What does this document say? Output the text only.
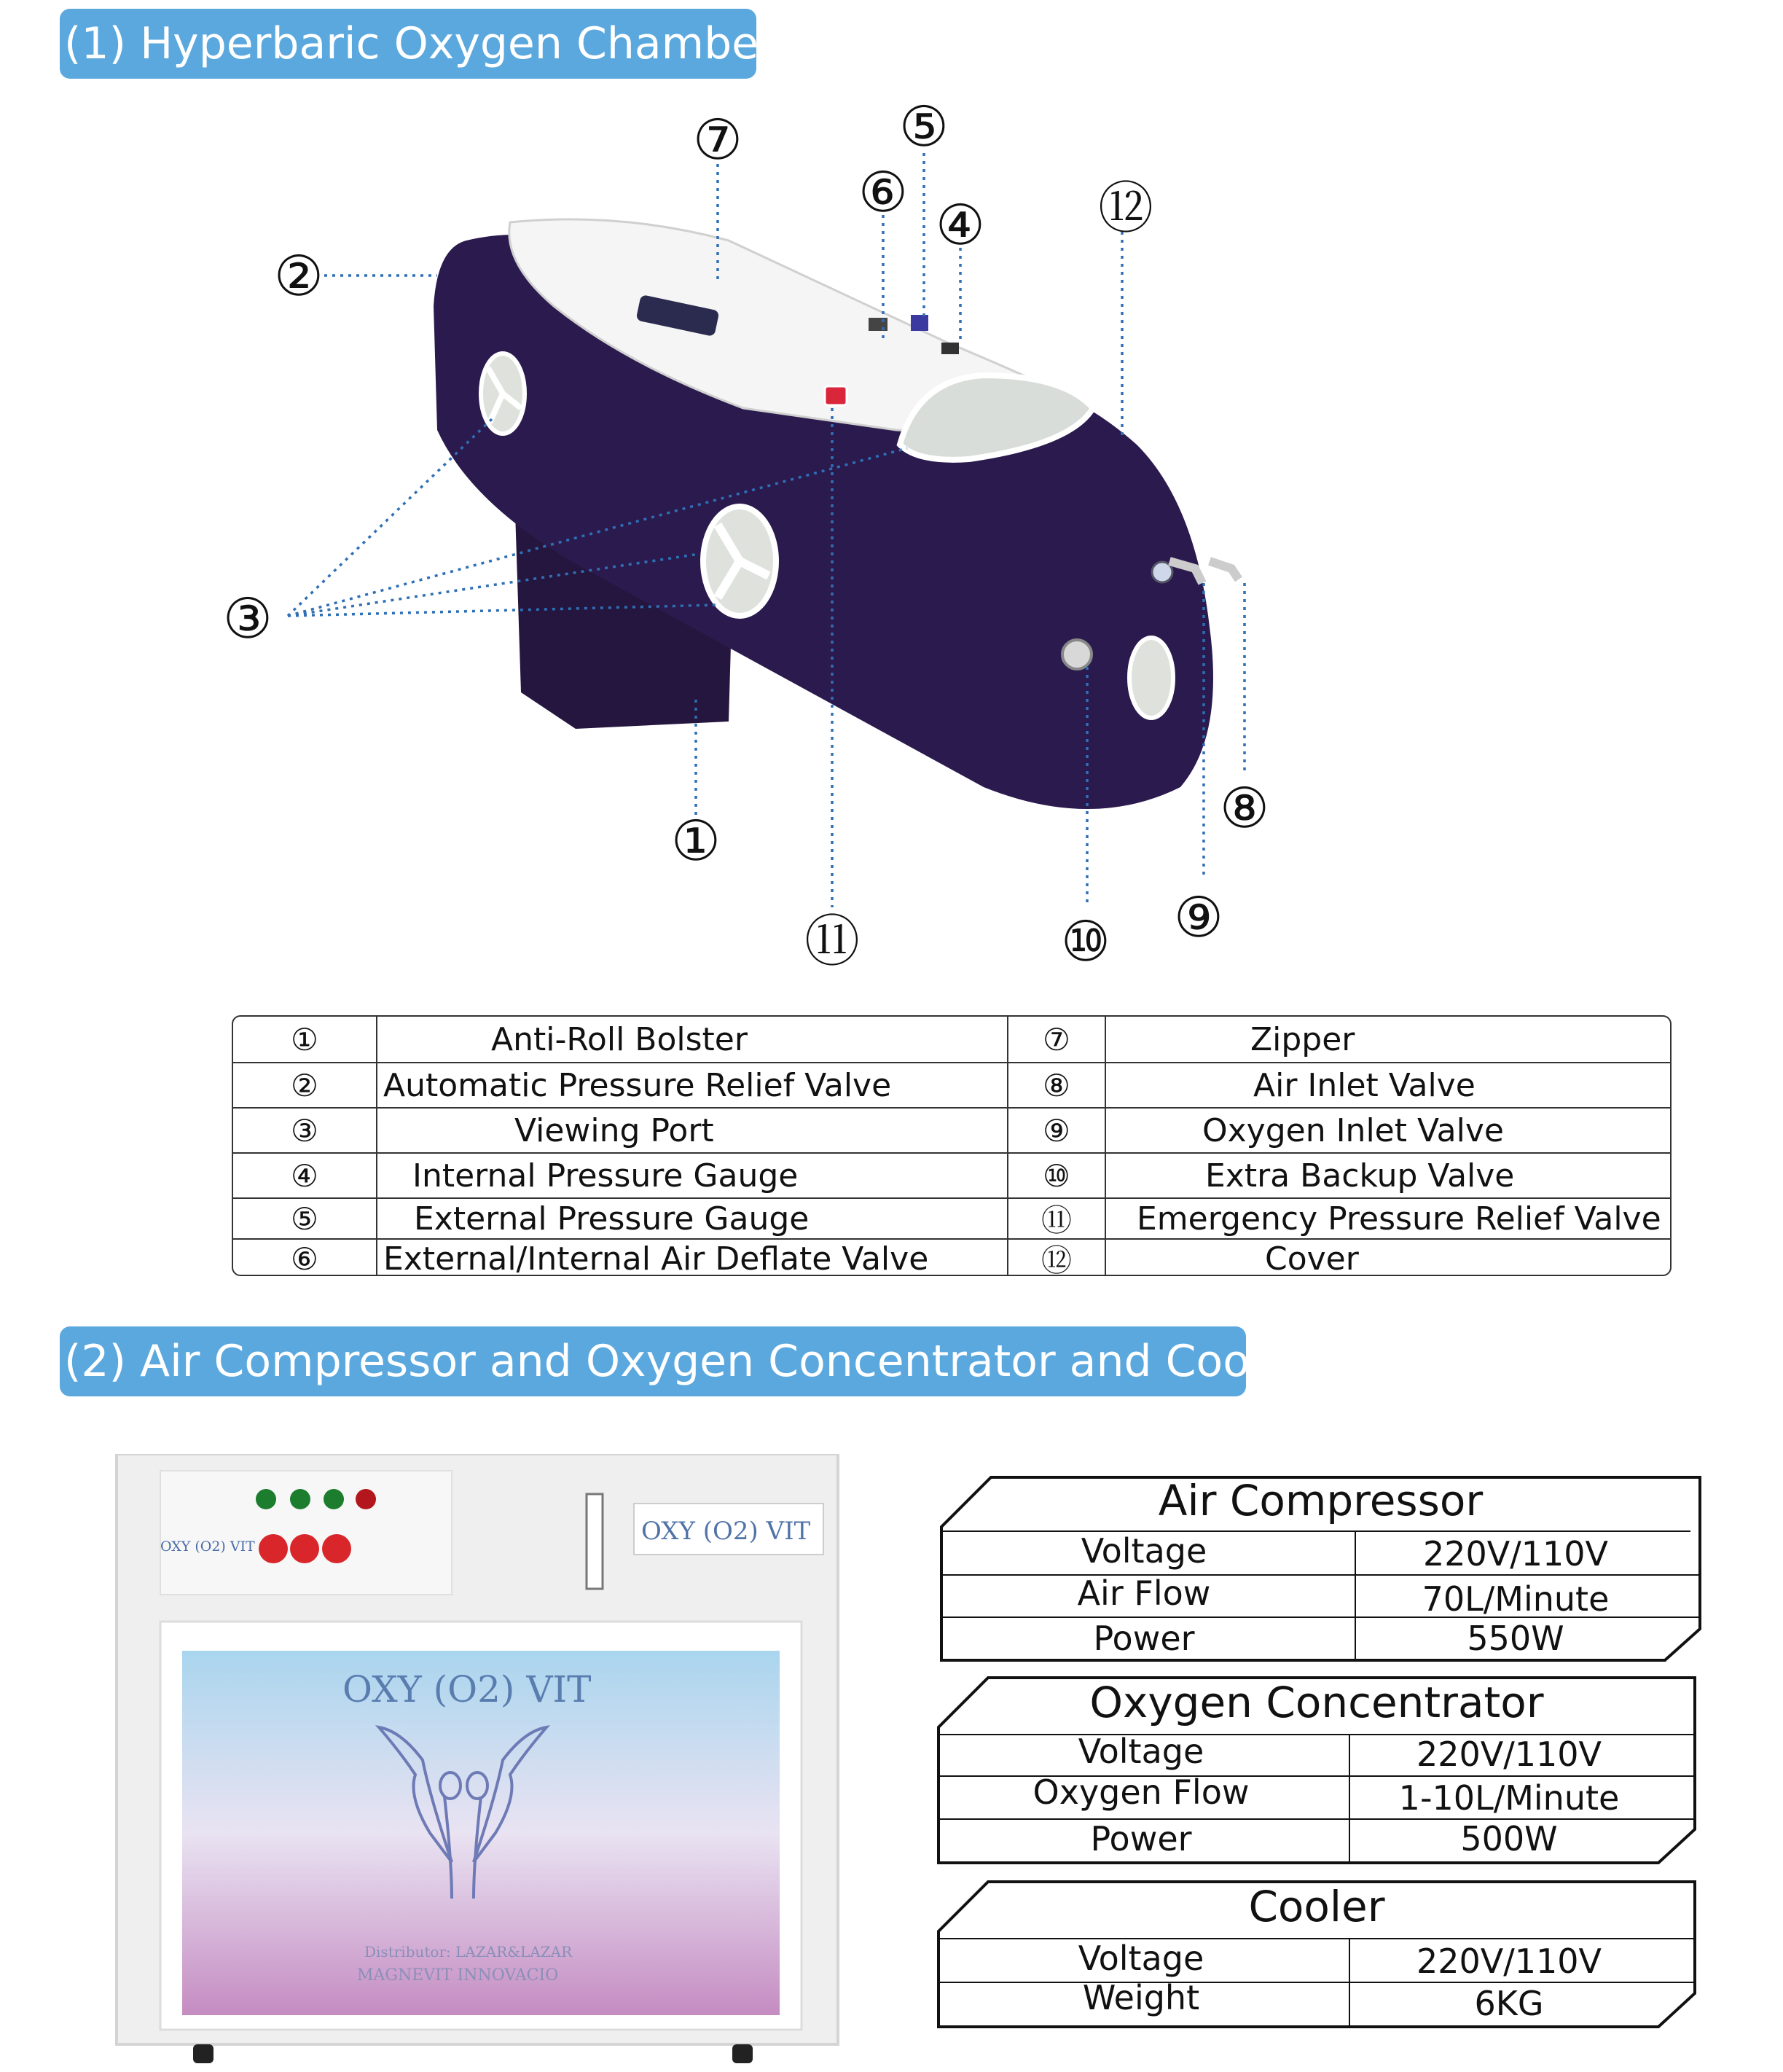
(1) Hyperbaric Oxygen Chamber
①
②
③
④
⑤
⑥
⑦
⑧
⑨
⑩
⑪
⑫
①	Anti-Roll Bolster	⑦	Zipper
②	Automatic Pressure Relief Valve	⑧	Air Inlet Valve
③	Viewing Port	⑨	Oxygen Inlet Valve
④	Internal Pressure Gauge	⑩	Extra Backup Valve
⑤	External Pressure Gauge	⑪	Emergency Pressure Relief Valve
⑥	External/Internal Air Deflate Valve	⑫	Cover
(2) Air Compressor and Oxygen Concentrator and Cooler
OXY (O2) VIT
OXY (O2) VIT
OXY (O2) VIT
Distributor: LAZAR&LAZAR
MAGNEVIT INNOVACIO
Air Compressor
Voltage	220V/110V
Air Flow	70L/Minute
Power	550W
Oxygen Concentrator
Voltage	220V/110V
Oxygen Flow	1-10L/Minute
Power	500W
Cooler
Voltage	220V/110V
Weight	6KG
